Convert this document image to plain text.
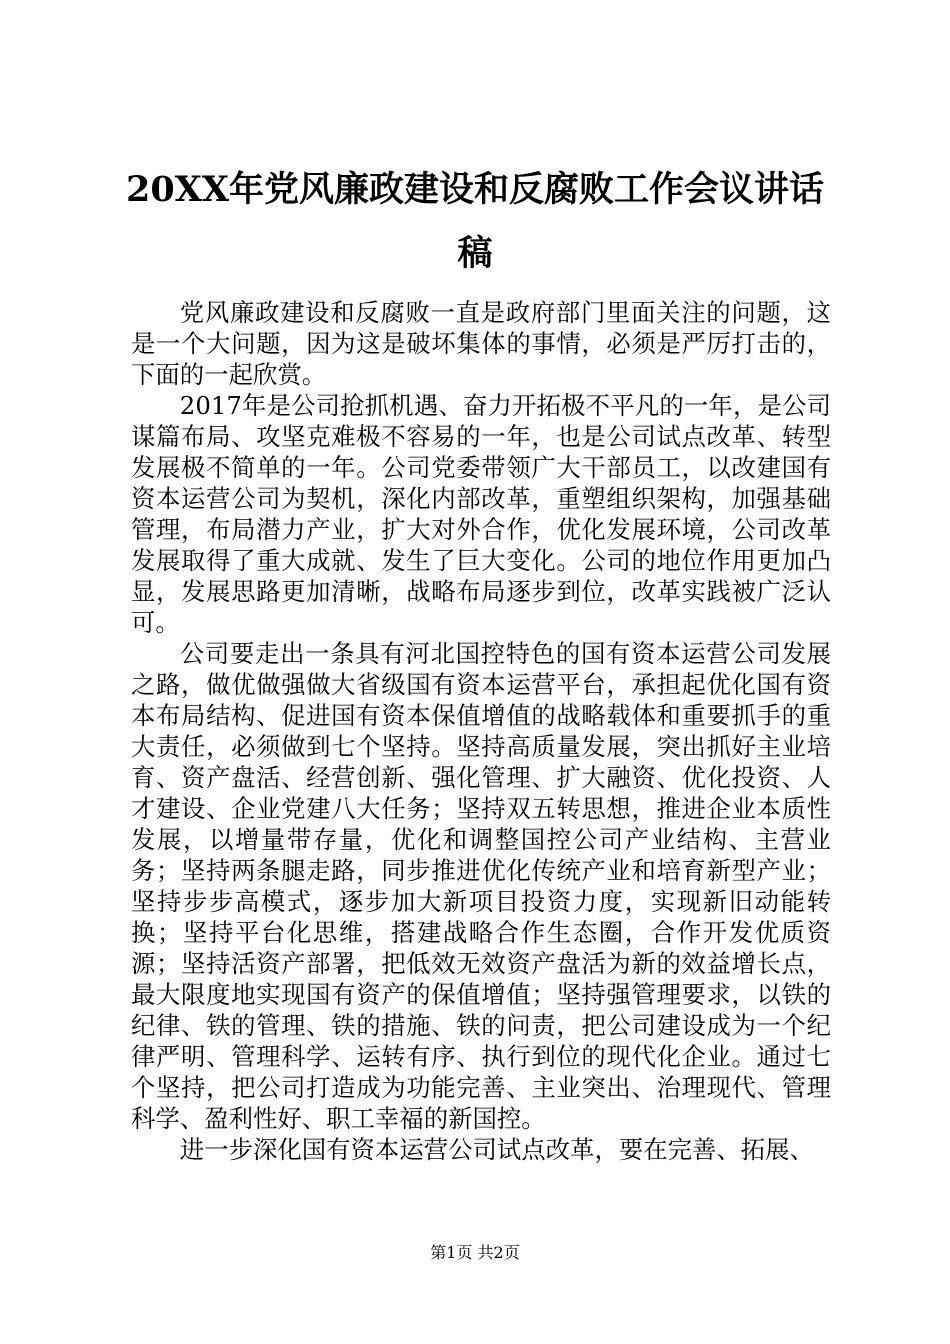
20XX年党风廉政建设和反腐败工作会议讲话稿

党风廉政建设和反腐败一直是政府部门里面关注的问题，这是一个大问题，因为这是破坏集体的事情，必须是严厉打击的，下面的一起欣赏。

2017年是公司抢抓机遇、奋力开拓极不平凡的一年，是公司谋篇布局、攻坚克难极不容易的一年，也是公司试点改革、转型发展极不简单的一年。公司党委带领广大干部员工，以改建国有资本运营公司为契机，深化内部改革，重塑组织架构，加强基础管理，布局潜力产业，扩大对外合作，优化发展环境，公司改革发展取得了重大成就、发生了巨大变化。公司的地位作用更加凸显，发展思路更加清晰，战略布局逐步到位，改革实践被广泛认可。

公司要走出一条具有河北国控特色的国有资本运营公司发展之路，做优做强做大省级国有资本运营平台，承担起优化国有资本布局结构、促进国有资本保值增值的战略载体和重要抓手的重大责任，必须做到七个坚持。坚持高质量发展，突出抓好主业培育、资产盘活、经营创新、强化管理、扩大融资、优化投资、人才建设、企业党建八大任务；坚持双五转思想，推进企业本质性发展，以增量带存量，优化和调整国控公司产业结构、主营业务；坚持两条腿走路，同步推进优化传统产业和培育新型产业；坚持步步高模式，逐步加大新项目投资力度，实现新旧动能转换；坚持平台化思维，搭建战略合作生态圈，合作开发优质资源；坚持活资产部署，把低效无效资产盘活为新的效益增长点，最大限度地实现国有资产的保值增值；坚持强管理要求，以铁的纪律、铁的管理、铁的措施、铁的问责，把公司建设成为一个纪律严明、管理科学、运转有序、执行到位的现代化企业。通过七个坚持，把公司打造成为功能完善、主业突出、治理现代、管理科学、盈利性好、职工幸福的新国控。

进一步深化国有资本运营公司试点改革，要在完善、拓展、

第1页 共2页
